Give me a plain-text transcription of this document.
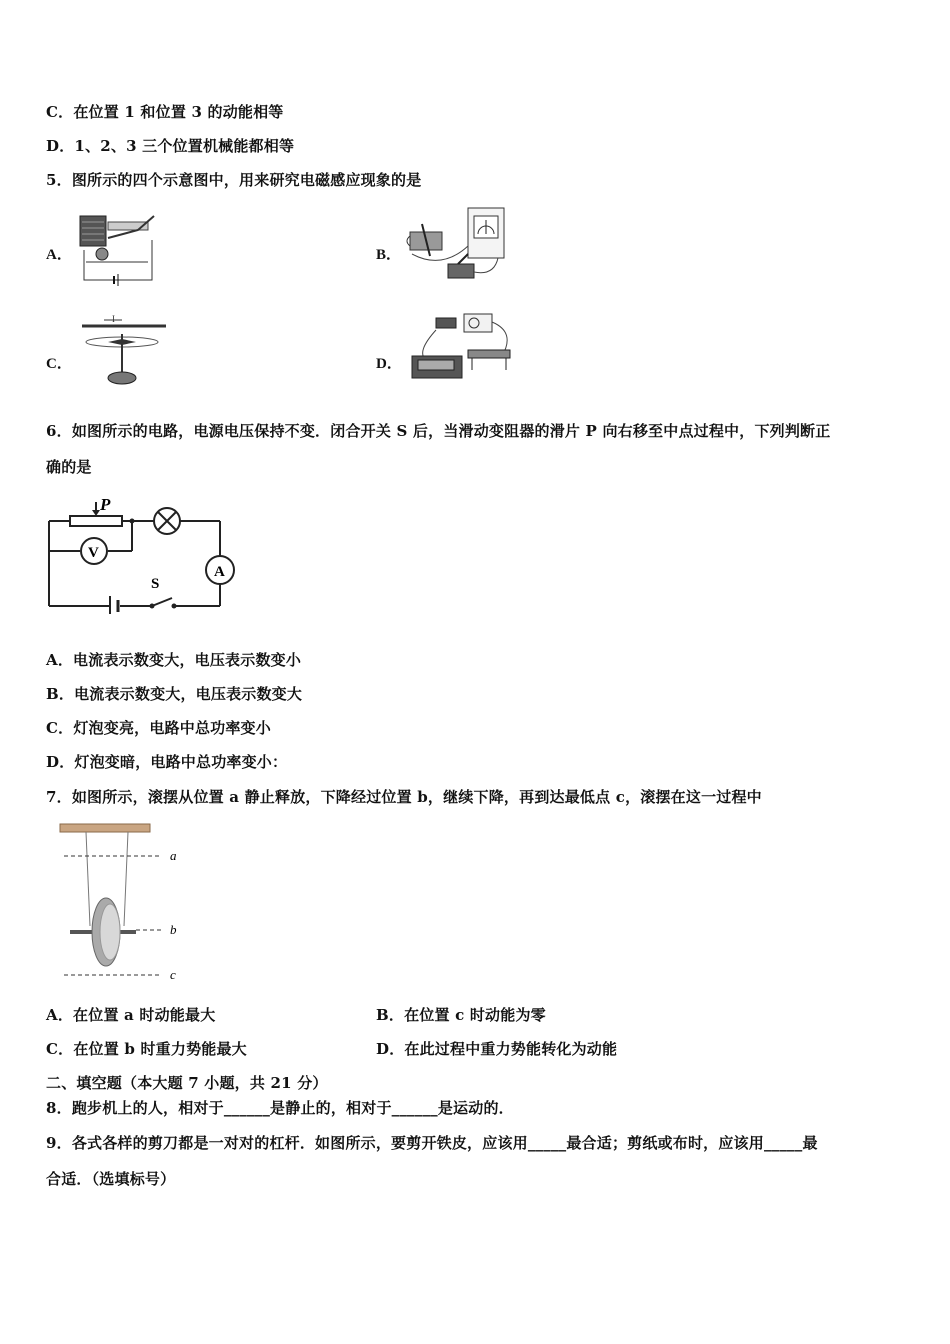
C．在位置 1 和位置 3 的动能相等
D．1、2、3 三个位置机械能都相等
5．图所示的四个示意图中，用来研究电磁感应现象的是
A．	B．
C．
I
D．
6．如图所示的电路，电源电压保持不变．闭合开关 S 后，当滑动变阻器的滑片 P 向右移至中点过程中，下列判断正
确的是
P
V
A
S
A．电流表示数变大，电压表示数变小
B．电流表示数变大，电压表示数变大
C．灯泡变亮，电路中总功率变小
D．灯泡变暗，电路中总功率变小：
7．如图所示，滚摆从位置 a 静止释放，下降经过位置 b，继续下降，再到达最低点 c，滚摆在这一过程中
a
b
c
A．在位置 a 时动能最大	B．在位置 c 时动能为零
C．在位置 b 时重力势能最大	D．在此过程中重力势能转化为动能
二、填空题（本大题 7 小题，共 21 分）
8．跑步机上的人，相对于______是静止的，相对于______是运动的．
9．各式各样的剪刀都是一对对的杠杆．如图所示，要剪开铁皮，应该用_____最合适；剪纸或布时，应该用_____最
合适．（选填标号）
